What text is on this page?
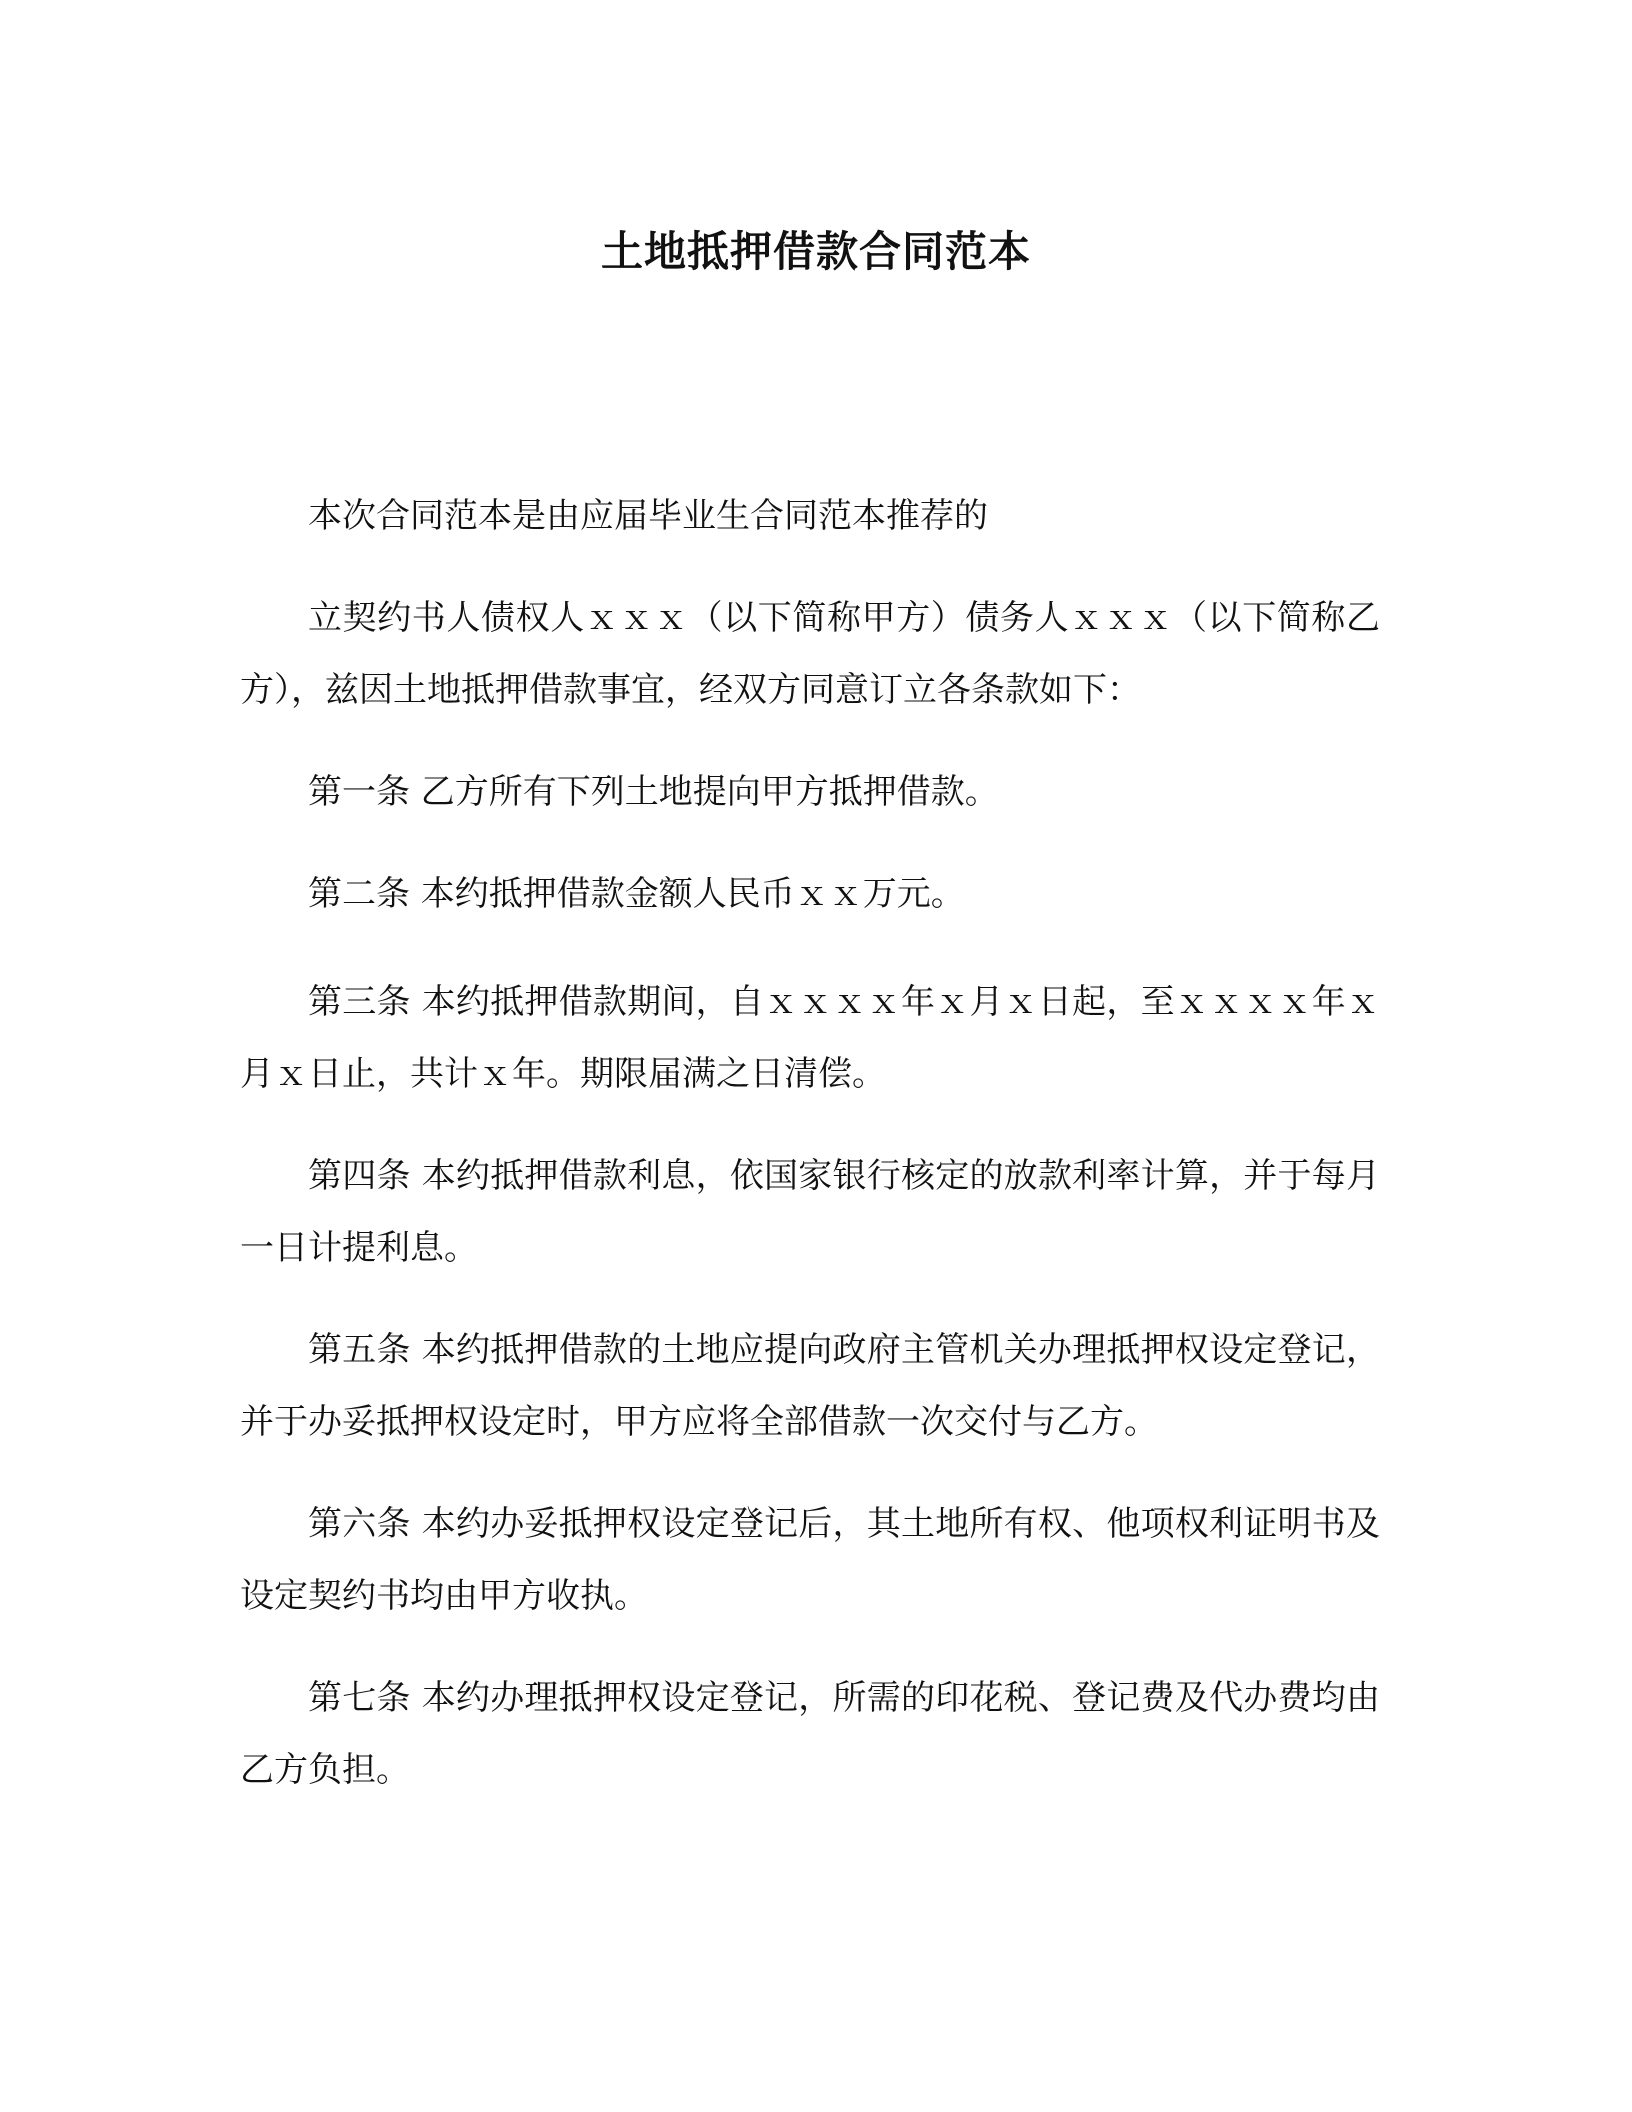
土地抵押借款合同范本

本次合同范本是由应届毕业生合同范本推荐的

立契约书人债权人ｘｘｘ（以下简称甲方）债务人ｘｘｘ（以下简称乙方），兹因土地抵押借款事宜，经双方同意订立各条款如下：

第一条 乙方所有下列土地提向甲方抵押借款。

第二条 本约抵押借款金额人民币ｘｘ万元。

第三条 本约抵押借款期间，自ｘｘｘｘ年ｘ月ｘ日起，至ｘｘｘｘ年ｘ月ｘ日止，共计ｘ年。期限届满之日清偿。

第四条 本约抵押借款利息，依国家银行核定的放款利率计算，并于每月一日计提利息。

第五条 本约抵押借款的土地应提向政府主管机关办理抵押权设定登记，并于办妥抵押权设定时，甲方应将全部借款一次交付与乙方。

第六条 本约办妥抵押权设定登记后，其土地所有权、他项权利证明书及设定契约书均由甲方收执。

第七条 本约办理抵押权设定登记，所需的印花税、登记费及代办费均由乙方负担。
